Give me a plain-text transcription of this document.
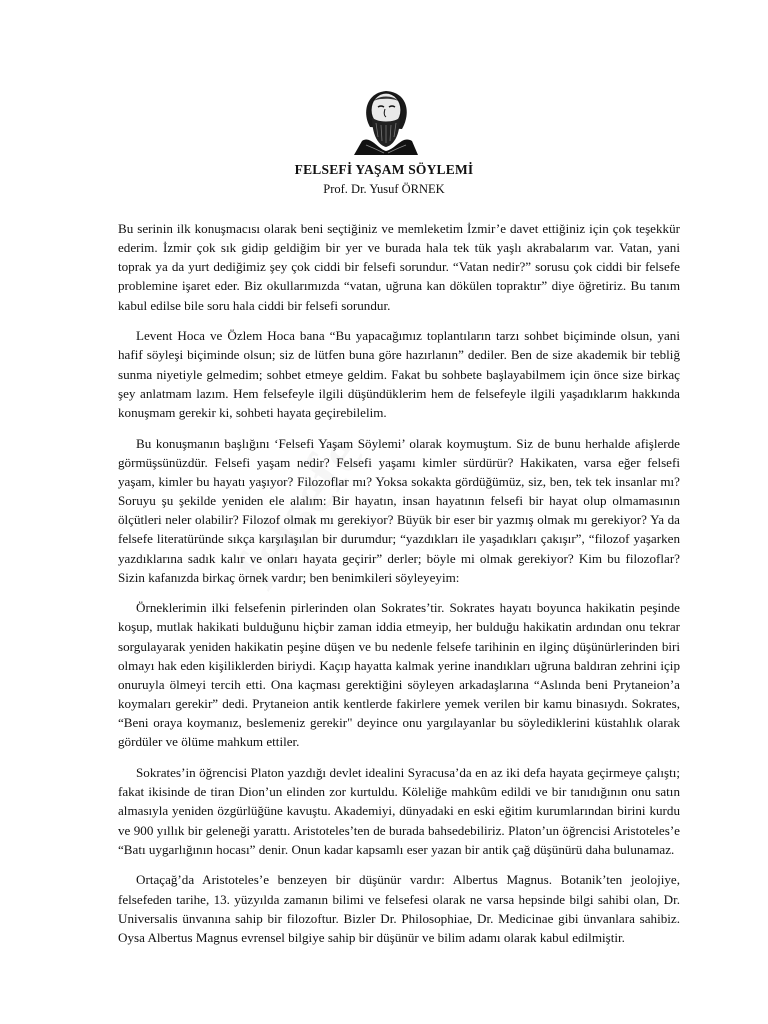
FELSEFİ YAŞAM SÖYLEMİ
Prof. Dr. Yusuf ÖRNEK

Bu serinin ilk konuşmacısı olarak beni seçtiğiniz ve memleketim İzmir’e davet ettiğiniz için çok teşekkür ederim. İzmir çok sık gidip geldiğim bir yer ve burada hala tek tük yaşlı akrabalarım var. Vatan, yani toprak ya da yurt dediğimiz şey çok ciddi bir felsefi sorundur. “Vatan nedir?” sorusu çok ciddi bir felsefe problemine işaret eder. Biz okullarımızda “vatan, uğruna kan dökülen topraktır” diye öğretiriz. Bu tanım kabul edilse bile soru hala ciddi bir felsefi sorundur.

Levent Hoca ve Özlem Hoca bana “Bu yapacağımız toplantıların tarzı sohbet biçiminde olsun, yani hafif söyleşi biçiminde olsun; siz de lütfen buna göre hazırlanın” dediler. Ben de size akademik bir tebliğ sunma niyetiyle gelmedim; sohbet etmeye geldim. Fakat bu sohbete başlayabilmem için önce size birkaç şey anlatmam lazım. Hem felsefeyle ilgili düşündüklerim hem de felsefeyle ilgili yaşadıklarım hakkında konuşmam gerekir ki, sohbeti hayata geçirebilelim.

Bu konuşmanın başlığını ‘Felsefi Yaşam Söylemi’ olarak koymuştum. Siz de bunu herhalde afişlerde görmüşsünüzdür. Felsefi yaşam nedir? Felsefi yaşamı kimler sürdürür? Hakikaten, varsa eğer felsefi yaşam, kimler bu hayatı yaşıyor? Filozoflar mı? Yoksa sokakta gördüğümüz, siz, ben, tek tek insanlar mı? Soruyu şu şekilde yeniden ele alalım: Bir hayatın, insan hayatının felsefi bir hayat olup olmamasının ölçütleri neler olabilir? Filozof olmak mı gerekiyor? Büyük bir eser bir yazmış olmak mı gerekiyor? Ya da felsefe literatüründe sıkça karşılaşılan bir durumdur; “yazdıkları ile yaşadıkları çakışır”, “filozof yaşarken yazdıklarına sadık kalır ve onları hayata geçirir” derler; böyle mi olmak gerekiyor? Kim bu filozoflar? Sizin kafanızda birkaç örnek vardır; ben benimkileri söyleyeyim:

Örneklerimin ilki felsefenin pirlerinden olan Sokrates’tir. Sokrates hayatı boyunca hakikatin peşinde koşup, mutlak hakikati bulduğunu hiçbir zaman iddia etmeyip, her bulduğu hakikatin ardından onu tekrar sorgulayarak yeniden hakikatin peşine düşen ve bu nedenle felsefe tarihinin en ilginç düşünürlerinden biri olmayı hak eden kişiliklerden biriydi. Kaçıp hayatta kalmak yerine inandıkları uğruna baldıran zehrini içip onuruyla ölmeyi tercih etti. Ona kaçması gerektiğini söyleyen arkadaşlarına “Aslında beni Prytaneion’a koymaları gerekir” dedi. Prytaneion antik kentlerde fakirlere yemek verilen bir kamu binasıydı. Sokrates, “Beni oraya koymanız, beslemeniz gerekir" deyince onu yargılayanlar bu söylediklerini küstahlık olarak gördüler ve ölüme mahkum ettiler.

Sokrates’in öğrencisi Platon yazdığı devlet idealini Syracusa’da en az iki defa hayata geçirmeye çalıştı; fakat ikisinde de tiran Dion’un elinden zor kurtuldu. Köleliğe mahkûm edildi ve bir tanıdığının onu satın almasıyla yeniden özgürlüğüne kavuştu. Akademiyi, dünyadaki en eski eğitim kurumlarından birini kurdu ve 900 yıllık bir geleneği yarattı. Aristoteles’ten de burada bahsedebiliriz. Platon’un öğrencisi Aristoteles’e “Batı uygarlığının hocası” denir. Onun kadar kapsamlı eser yazan bir antik çağ düşünürü daha bulunamaz.

Ortaçağ’da Aristoteles’e benzeyen bir düşünür vardır: Albertus Magnus. Botanik’ten jeolojiye, felsefeden tarihe, 13. yüzyılda zamanın bilimi ve felsefesi olarak ne varsa hepsinde bilgi sahibi olan, Dr. Universalis ünvanına sahip bir filozoftur. Bizler Dr. Philosophiae, Dr. Medicinae gibi ünvanlara sahibiz. Oysa Albertus Magnus evrensel bilgiye sahip bir düşünür ve bilim adamı olarak kabul edilmiştir.
